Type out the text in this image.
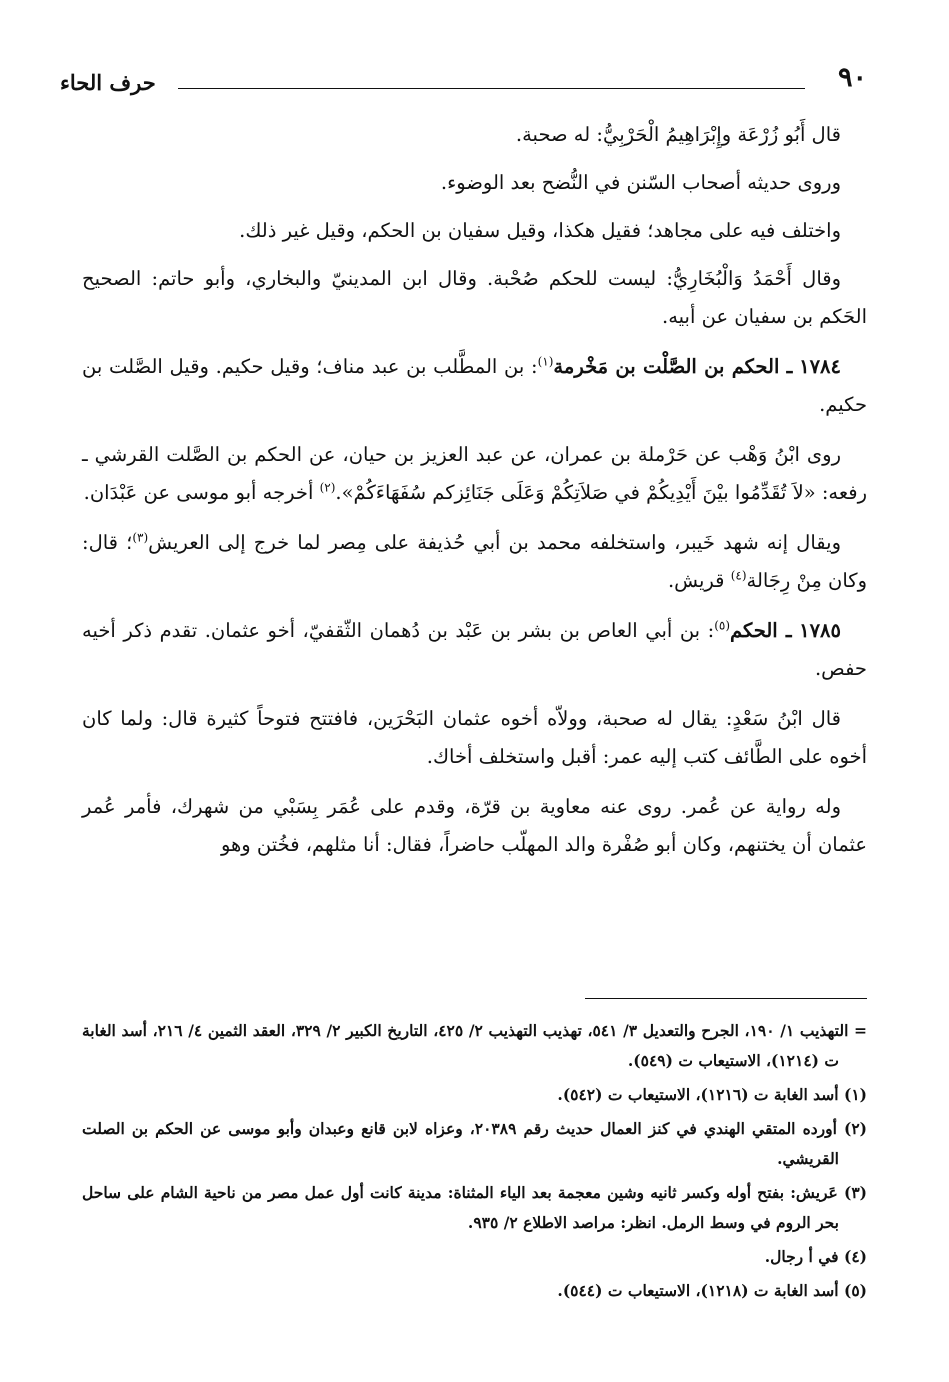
٩٠
حرف الحاء

قال أَبُو زُرْعَة وإِبْرَاهِيمُ الْحَرْبِيُّ: له صحبة.

وروى حديثه أصحاب السّنن في النُّضح بعد الوضوء.

واختلف فيه على مجاهد؛ فقيل هكذا، وقيل سفيان بن الحكم، وقيل غير ذلك.

وقال أَحْمَدُ وَالْبُخَارِيُّ: ليست للحكم صُحْبة. وقال ابن المدينيّ والبخاري، وأبو حاتم: الصحيح الحَكم بن سفيان عن أبيه.

١٧٨٤ ـ الحكم بن الصَّلْت بن مَخْرمة$^{(١)}$: بن المطَّلب بن عبد مناف؛ وقيل حكيم. وقيل الصَّلت بن حكيم.

روى ابْنُ وَهْب عن حَرْملة بن عمران، عن عبد العزيز بن حيان، عن الحكم بن الصَّلت القرشي ـ رفعه: «لاَ تُقَدِّمُوا بيْنَ أَيْدِيكُمْ في صَلاَتِكُمْ وَعَلَى جَنَائِزكم سُفَهَاءَكُمْ».$^{(٢)}$ أخرجه أبو موسى عن عَبْدَان.

ويقال إنه شهد خَيبر، واستخلفه محمد بن أبي حُذيفة على مِصر لما خرج إلى العريش$^{(٣)}$؛ قال: وكان مِنْ رِجَالة$^{(٤)}$ قريش.

١٧٨٥ ـ الحكم$^{(٥)}$: بن أبي العاص بن بشر بن عَبْد بن دُهمان الثّقفيّ، أخو عثمان. تقدم ذكر أخيه حفص.

قال ابْنُ سَعْدٍ: يقال له صحبة، وولاّه أخوه عثمان البَحْرَين، فافتتح فتوحاً كثيرة قال: ولما كان أخوه على الطَّائف كتب إليه عمر: أقبل واستخلف أخاك.

وله رواية عن عُمر. روى عنه معاوية بن قرّة، وقدم على عُمَر بِسَبْي من شهرك، فأمر عُمر عثمان أن يختنهم، وكان أبو صُفْرة والد المهلّب حاضراً، فقال: أنا مثلهم، فخُتن وهو

= التهذيب ١/ ١٩٠، الجرح والتعديل ٣/ ٥٤١، تهذيب التهذيب ٢/ ٤٢٥، التاريخ الكبير ٢/ ٣٢٩، العقد الثمين ٤/ ٢١٦، أسد الغابة ت (١٢١٤)، الاستيعاب ت (٥٤٩).

(١) أسد الغابة ت (١٢١٦)، الاستيعاب ت (٥٤٢).

(٢) أورده المتقي الهندي في كنز العمال حديث رقم ٢٠٣٨٩، وعزاه لابن قانع وعبدان وأبو موسى عن الحكم بن الصلت القريشي.

(٣) عَريش: بفتح أوله وكسر ثانيه وشين معجمة بعد الياء المثناة: مدينة كانت أول عمل مصر من ناحية الشام على ساحل بحر الروم في وسط الرمل. انظر: مراصد الاطلاع ٢/ ٩٣٥.

(٤) في أ رجال.

(٥) أسد الغابة ت (١٢١٨)، الاستيعاب ت (٥٤٤).
